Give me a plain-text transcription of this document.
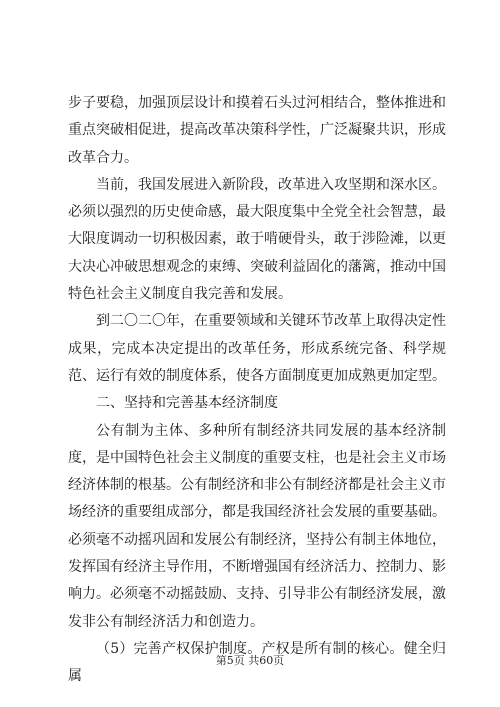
步子要稳，加强顶层设计和摸着石头过河相结合，整体推进和重点突破相促进，提高改革决策科学性，广泛凝聚共识，形成改革合力。

当前，我国发展进入新阶段，改革进入攻坚期和深水区。必须以强烈的历史使命感，最大限度集中全党全社会智慧，最大限度调动一切积极因素，敢于啃硬骨头，敢于涉险滩，以更大决心冲破思想观念的束缚、突破利益固化的藩篱，推动中国特色社会主义制度自我完善和发展。

到二〇二〇年，在重要领域和关键环节改革上取得决定性成果，完成本决定提出的改革任务，形成系统完备、科学规范、运行有效的制度体系，使各方面制度更加成熟更加定型。

二、坚持和完善基本经济制度

公有制为主体、多种所有制经济共同发展的基本经济制度，是中国特色社会主义制度的重要支柱，也是社会主义市场经济体制的根基。公有制经济和非公有制经济都是社会主义市场经济的重要组成部分，都是我国经济社会发展的重要基础。必须毫不动摇巩固和发展公有制经济，坚持公有制主体地位，发挥国有经济主导作用，不断增强国有经济活力、控制力、影响力。必须毫不动摇鼓励、支持、引导非公有制经济发展，激发非公有制经济活力和创造力。

（5）完善产权保护制度。产权是所有制的核心。健全归属

第5页 共60页
